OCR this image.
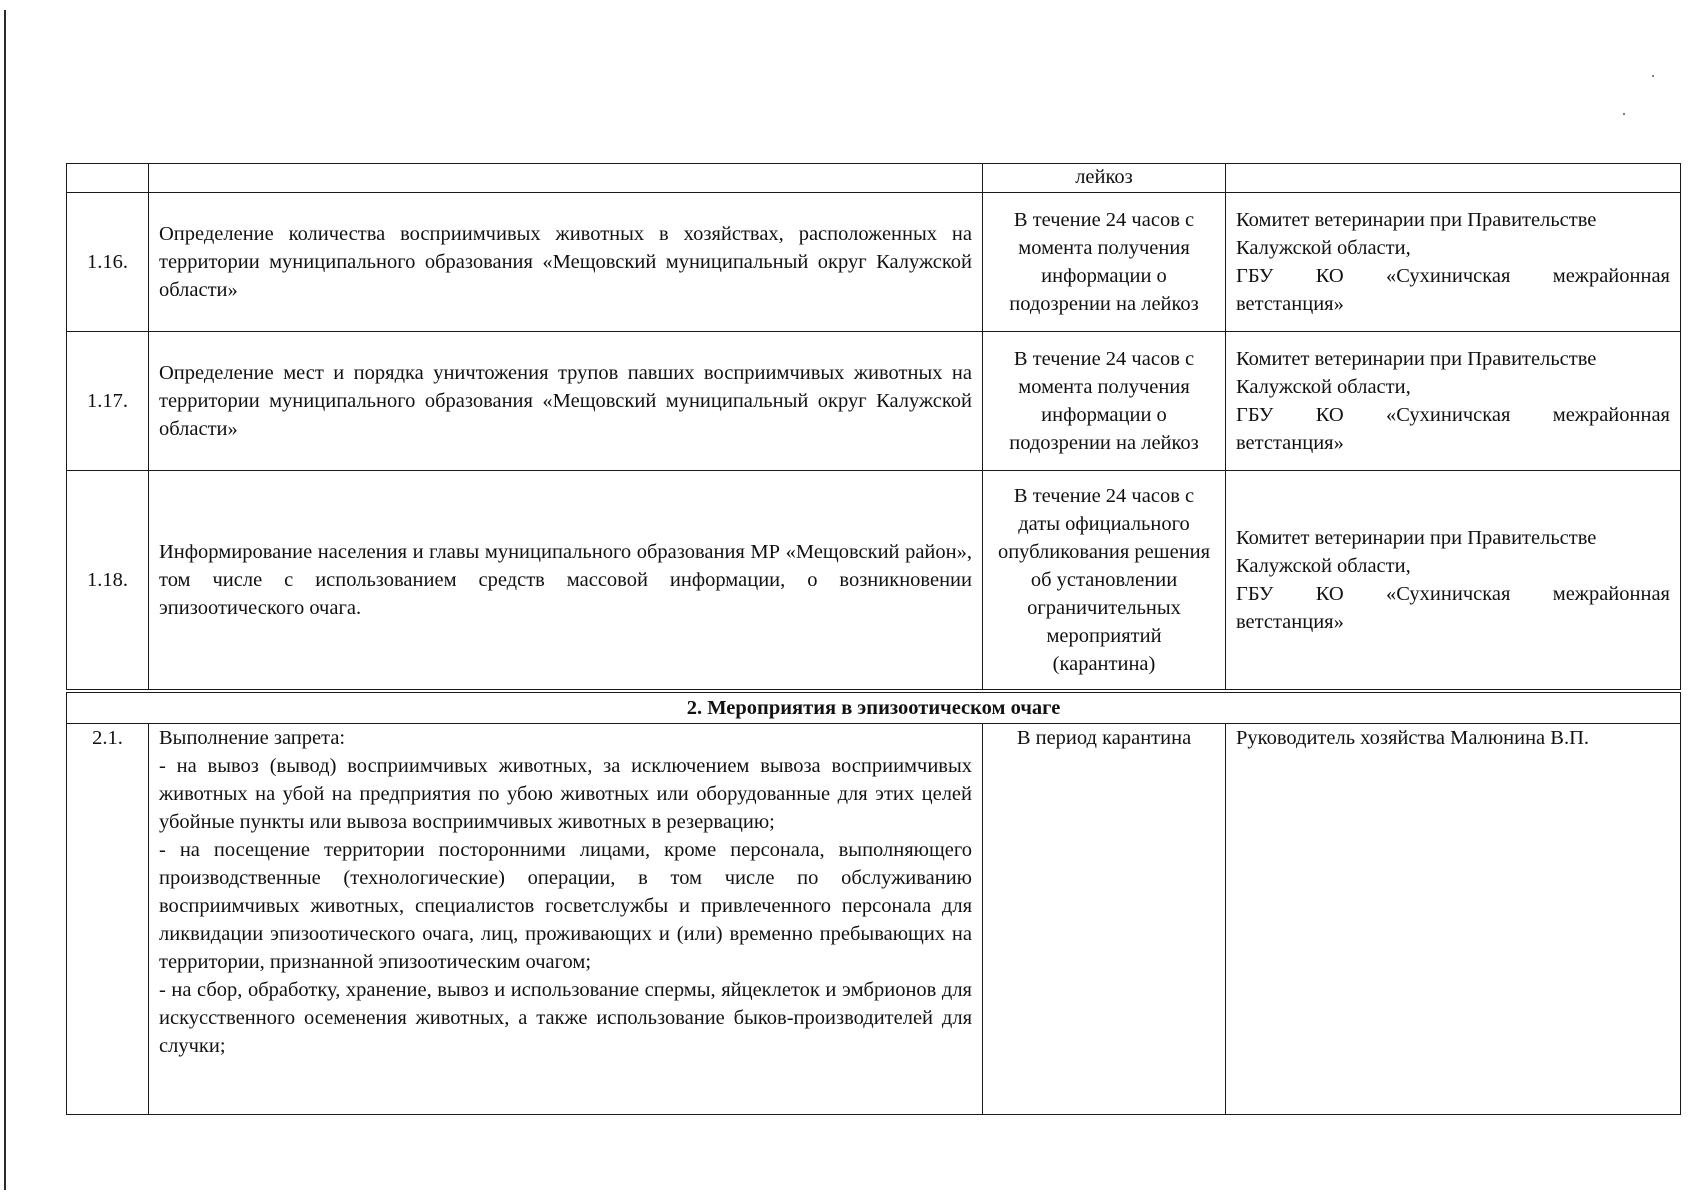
		лейкоз	
1.16.	Определение количества восприимчивых животных в хозяйствах, расположенных на территории муниципального образования «Мещовский муниципальный округ Калужской области»	В течение 24 часов с момента получения информации о подозрении на лейкоз	Комитет ветеринарии при Правительстве Калужской области,
ГБУ КО «Сухиничская межрайонная ветстанция»

1.17.	Определение мест и порядка уничтожения трупов павших восприимчивых животных на территории муниципального образования «Мещовский муниципальный округ Калужской области»	В течение 24 часов с момента получения информации о подозрении на лейкоз	Комитет ветеринарии при Правительстве Калужской области,
ГБУ КО «Сухиничская межрайонная ветстанция»

1.18.	Информирование населения и главы муниципального образования МР «Мещовский район», том числе с использованием средств массовой информации, о возникновении эпизоотического очага.	В течение 24 часов с даты официального опубликования решения об установлении ограничительных мероприятий (карантина)	Комитет ветеринарии при Правительстве Калужской области,
ГБУ КО «Сухиничская межрайонная ветстанция»

2. Мероприятия в эпизоотическом очаге			
2.1.	Выполнение запрета:
- на вывоз (вывод) восприимчивых животных, за исключением вывоза восприимчивых животных на убой на предприятия по убою животных или оборудованные для этих целей убойные пункты или вывоза восприимчивых животных в резервацию;
- на посещение территории посторонними лицами, кроме персонала, выполняющего производственные (технологические) операции, в том числе по обслуживанию восприимчивых животных, специалистов госветслужбы и привлеченного персонала для ликвидации эпизоотического очага, лиц, проживающих и (или) временно пребывающих на территории, признанной эпизоотическим очагом;
- на сбор, обработку, хранение, вывоз и использование спермы, яйцеклеток и эмбрионов для искусственного осеменения животных, а также использование быков-производителей для случки;	В период карантина	Руководитель хозяйства Малюнина В.П.
